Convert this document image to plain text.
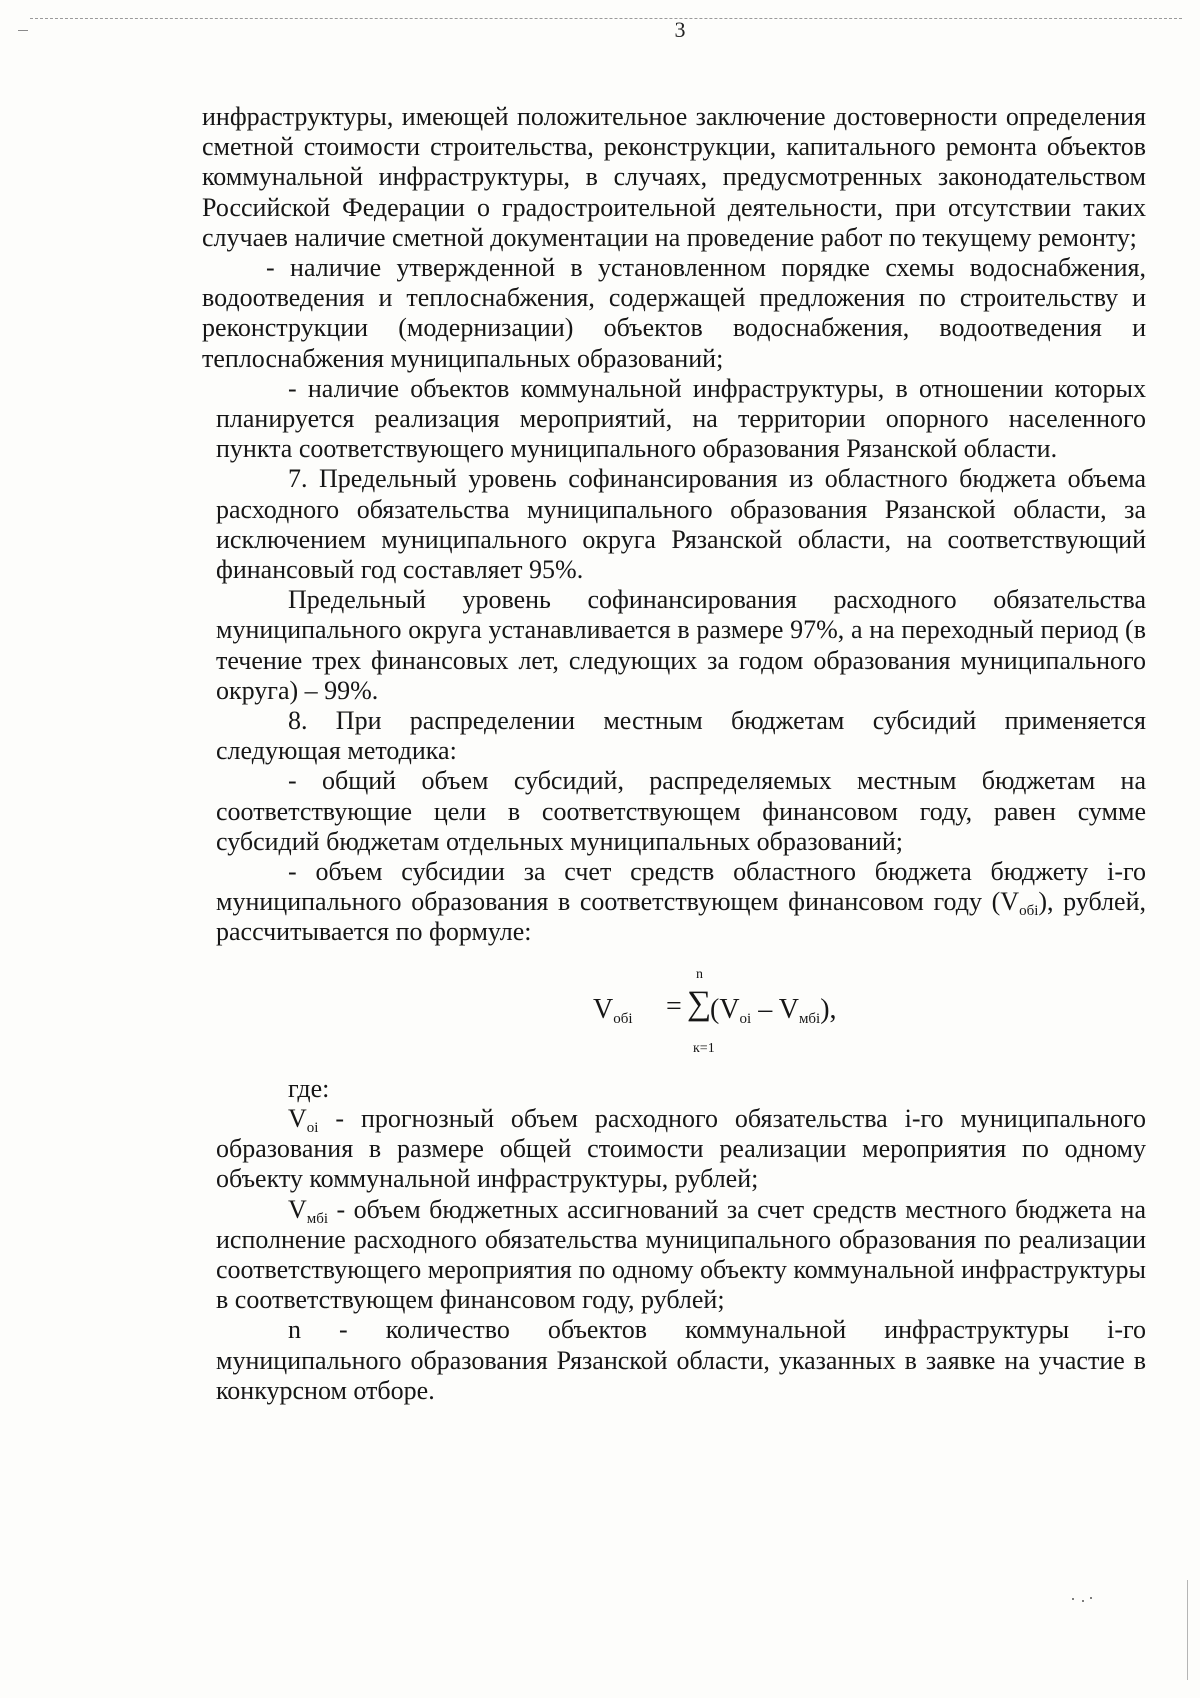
3

инфраструктуры, имеющей положительное заключение достоверности определения сметной стоимости строительства, реконструкции, капитального ремонта объектов коммунальной инфраструктуры, в случаях, предусмотренных законодательством Российской Федерации о градостроительной деятельности, при отсутствии таких случаев наличие сметной документации на проведение работ по текущему ремонту;

- наличие утвержденной в установленном порядке схемы водоснабжения, водоотведения и теплоснабжения, содержащей предложения по строительству и реконструкции (модернизации) объектов водоснабжения, водоотведения и теплоснабжения муниципальных образований;

- наличие объектов коммунальной инфраструктуры, в отношении которых планируется реализация мероприятий, на территории опорного населенного пункта соответствующего муниципального образования Рязанской области.

7. Предельный уровень софинансирования из областного бюджета объема расходного обязательства муниципального образования Рязанской области, за исключением муниципального округа Рязанской области, на соответствующий финансовый год составляет 95%.

Предельный уровень софинансирования расходного обязательства муниципального округа устанавливается в размере 97%, а на переходный период (в течение трех финансовых лет, следующих за годом образования муниципального округа) – 99%.

8. При распределении местным бюджетам субсидий применяется следующая методика:

- общий объем субсидий, распределяемых местным бюджетам на соответствующие цели в соответствующем финансовом году, равен сумме субсидий бюджетам отдельных муниципальных образований;

- объем субсидии за счет средств областного бюджета бюджету i-го муниципального образования в соответствующем финансовом году $(V_{обi})$, рублей, рассчитывается по формуле:

$V_{обi}$ =
n
∑
к=1
$(V_{оi} - V_{мбi})$,

где:

$V_{оi}$ - прогнозный объем расходного обязательства i-го муниципального образования в размере общей стоимости реализации мероприятия по одному объекту коммунальной инфраструктуры, рублей;

$V_{мбi}$ - объем бюджетных ассигнований за счет средств местного бюджета на исполнение расходного обязательства муниципального образования по реализации соответствующего мероприятия по одному объекту коммунальной инфраструктуры в соответствующем финансовом году, рублей;

n - количество объектов коммунальной инфраструктуры i-го муниципального образования Рязанской области, указанных в заявке на участие в конкурсном отборе.
